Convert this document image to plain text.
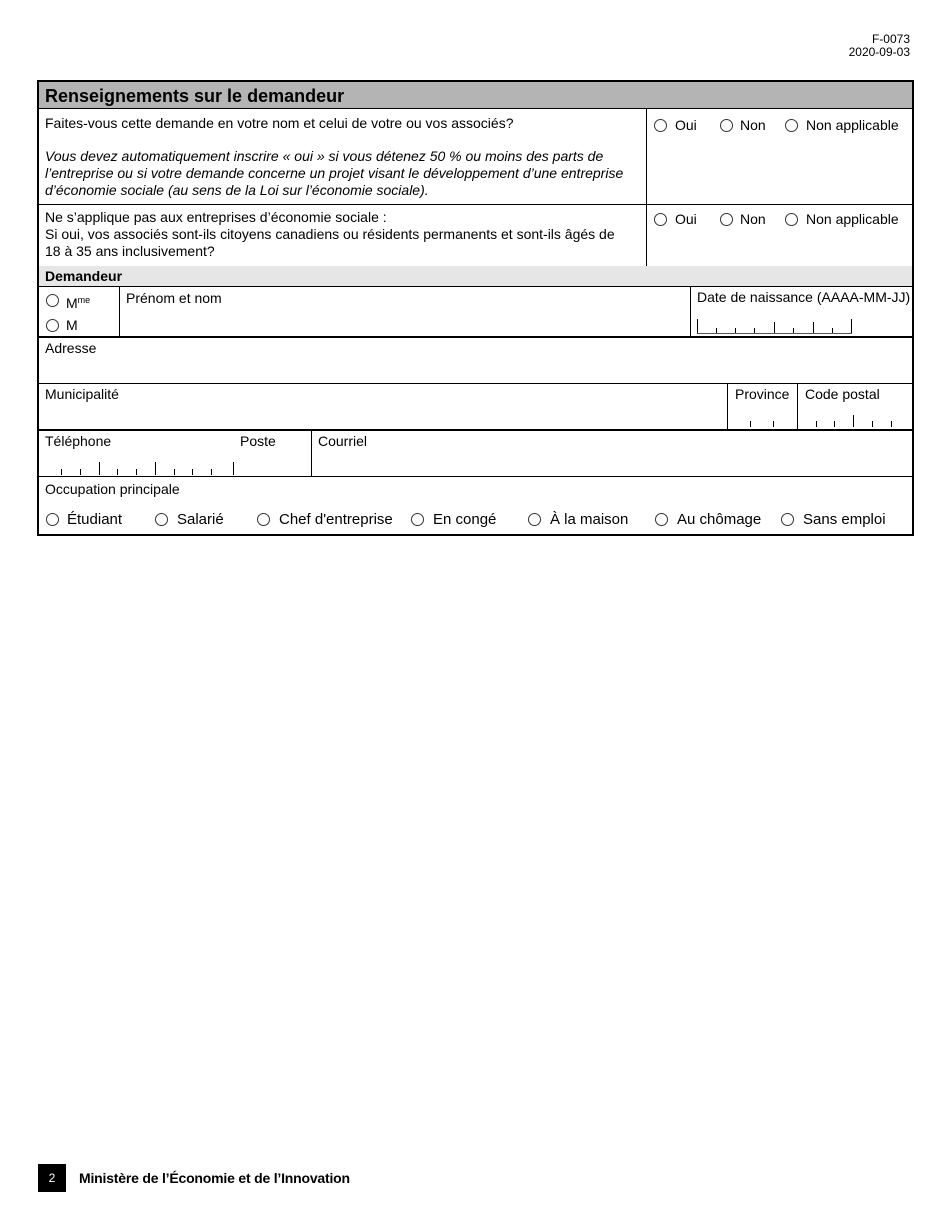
F-0073
2020-09-03
Renseignements sur le demandeur
Faites-vous cette demande en votre nom et celui de votre ou vos associés?
Vous devez automatiquement inscrire « oui » si vous détenez 50 % ou moins des parts de
l’entreprise ou si votre demande concerne un projet visant le développement d’une entreprise
d’économie sociale (au sens de la Loi sur l’économie sociale).
Oui	Non	Non applicable
Ne s’applique pas aux entreprises d’économie sociale :
Si oui, vos associés sont-ils citoyens canadiens ou résidents permanents et sont-ils âgés de
18 à 35 ans inclusivement?
Oui	Non	Non applicable
Demandeur
$M^{me}$
M
Prénom et nom	Date de naissance (AAAA-MM-JJ)
Adresse
Municipalité	Province Code postal
Téléphone	Poste	Courriel
Occupation principale
Étudiant	Salarié	Chef d'entreprise	En congé	À la maison	Au chômage	Sans emploi
2	Ministère de l’Économie et de l’Innovation
